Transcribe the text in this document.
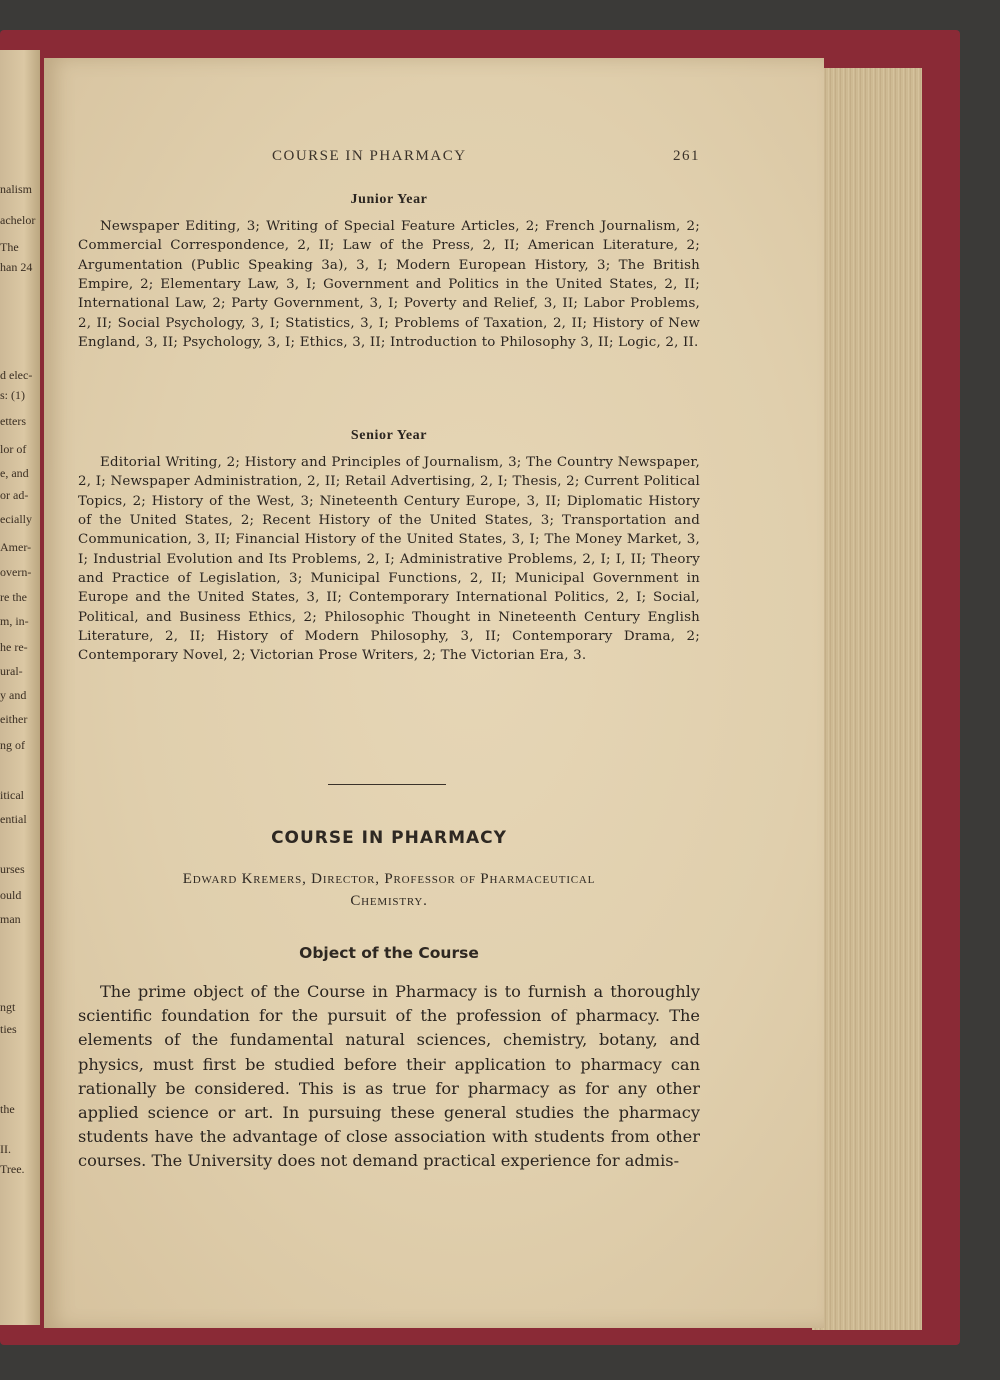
nalism
achelor
The
han 24
d elec-
s: (1)
etters
lor of
e, and
or ad-
ecially
Amer-
overn-
re the
m, in-
he re-
ural-
y and
either
ng of
itical
ential
urses
ould
man
ngt
ties
the
II.
Tree.
COURSE IN PHARMACY	261
Junior Year

Newspaper Editing, 3; Writing of Special Feature Articles, 2; French Journalism, 2; Commercial Correspondence, 2, II; Law of the Press, 2, II; American Literature, 2; Argumentation (Public Speaking 3a), 3, I; Modern European History, 3; The British Empire, 2; Elementary Law, 3, I; Government and Politics in the United States, 2, II; International Law, 2; Party Government, 3, I; Poverty and Relief, 3, II; Labor Problems, 2, II; Social Psychology, 3, I; Statistics, 3, I; Problems of Taxation, 2, II; History of New England, 3, II; Psychology, 3, I; Ethics, 3, II; Introduction to Philosophy 3, II; Logic, 2, II.

Senior Year

Editorial Writing, 2; History and Principles of Journalism, 3; The Country Newspaper, 2, I; Newspaper Administration, 2, II; Retail Advertising, 2, I; Thesis, 2; Current Political Topics, 2; History of the West, 3; Nineteenth Century Europe, 3, II; Diplomatic History of the United States, 2; Recent History of the United States, 3; Transportation and Communication, 3, II; Financial History of the United States, 3, I; The Money Market, 3, I; Industrial Evolution and Its Problems, 2, I; Administrative Problems, 2, I; I, II; Theory and Practice of Legislation, 3; Municipal Functions, 2, II; Municipal Government in Europe and the United States, 3, II; Contemporary International Politics, 2, I; Social, Political, and Business Ethics, 2; Philosophic Thought in Nineteenth Century English Literature, 2, II; History of Modern Philosophy, 3, II; Contemporary Drama, 2; Contemporary Novel, 2; Victorian Prose Writers, 2; The Victorian Era, 3.

COURSE IN PHARMACY
Edward Kremers, Director, Professor of Pharmaceutical
Chemistry.
Object of the Course

The prime object of the Course in Pharmacy is to furnish a thoroughly scientific foundation for the pursuit of the profession of pharmacy. The elements of the fundamental natural sciences, chemistry, botany, and physics, must first be studied before their application to pharmacy can rationally be considered. This is as true for pharmacy as for any other applied science or art. In pursuing these general studies the pharmacy students have the advantage of close association with students from other courses. The University does not demand practical experience for admis-
